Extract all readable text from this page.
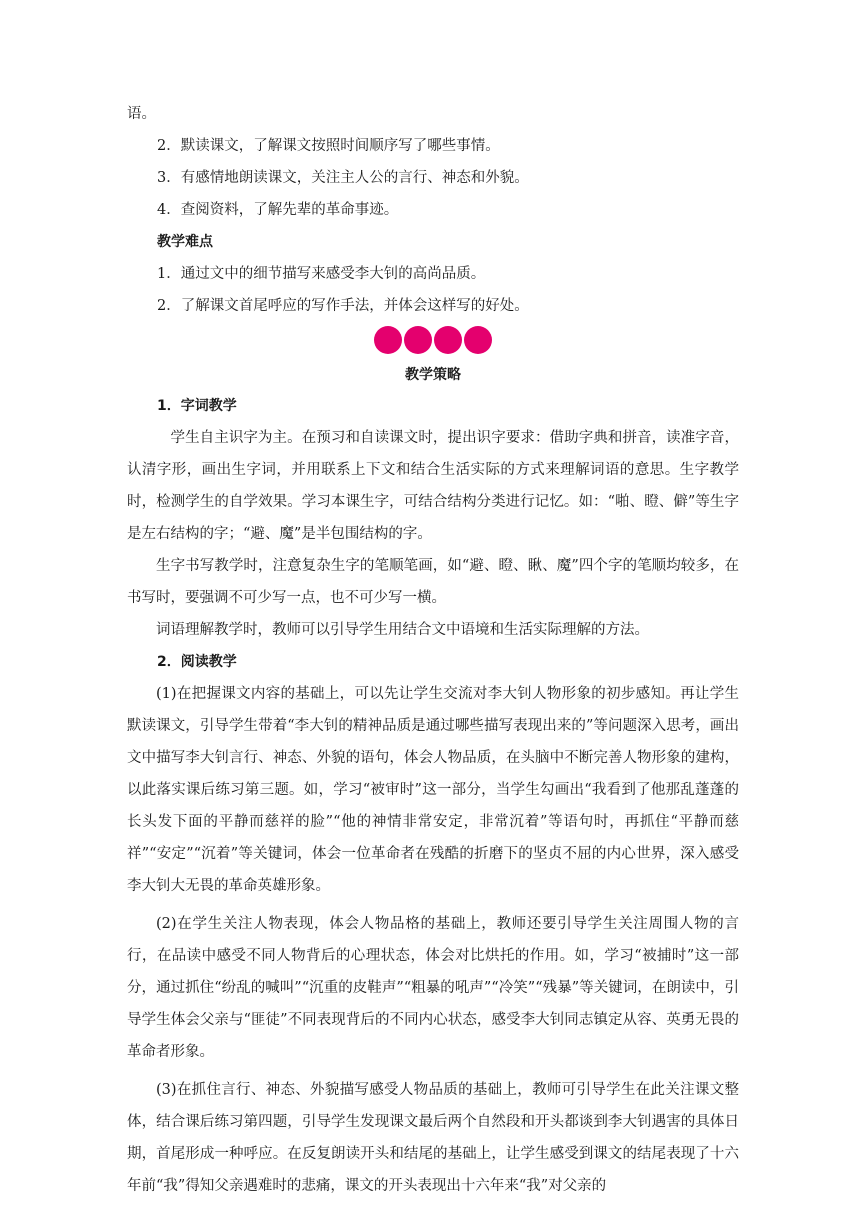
语。
2．默读课文，了解课文按照时间顺序写了哪些事情。
3．有感情地朗读课文，关注主人公的言行、神态和外貌。
4．查阅资料，了解先辈的革命事迹。
教学难点
1．通过文中的细节描写来感受李大钊的高尚品质。
2．了解课文首尾呼应的写作手法，并体会这样写的好处。
教学策略
1．字词教学
学生自主识字为主。在预习和自读课文时，提出识字要求：借助字典和拼音，读准字音，认清字形，画出生字词，并用联系上下文和结合生活实际的方式来理解词语的意思。生字教学时，检测学生的自学效果。学习本课生字，可结合结构分类进行记忆。如：“啪、瞪、僻”等生字是左右结构的字；“避、魔”是半包围结构的字。
生字书写教学时，注意复杂生字的笔顺笔画，如“避、瞪、瞅、魔”四个字的笔顺均较多，在书写时，要强调不可少写一点，也不可少写一横。
词语理解教学时，教师可以引导学生用结合文中语境和生活实际理解的方法。
2．阅读教学
(1)在把握课文内容的基础上，可以先让学生交流对李大钊人物形象的初步感知。再让学生默读课文，引导学生带着“李大钊的精神品质是通过哪些描写表现出来的”等问题深入思考，画出文中描写李大钊言行、神态、外貌的语句，体会人物品质，在头脑中不断完善人物形象的建构，以此落实课后练习第三题。如，学习“被审时”这一部分，当学生勾画出“我看到了他那乱蓬蓬的长头发下面的平静而慈祥的脸”“他的神情非常安定，非常沉着”等语句时，再抓住“平静而慈祥”“安定”“沉着”等关键词，体会一位革命者在残酷的折磨下的坚贞不屈的内心世界，深入感受李大钊大无畏的革命英雄形象。
(2)在学生关注人物表现，体会人物品格的基础上，教师还要引导学生关注周围人物的言行，在品读中感受不同人物背后的心理状态，体会对比烘托的作用。如，学习“被捕时”这一部分，通过抓住“纷乱的喊叫”“沉重的皮鞋声”“粗暴的吼声”“冷笑”“残暴”等关键词，在朗读中，引导学生体会父亲与“匪徒”不同表现背后的不同内心状态，感受李大钊同志镇定从容、英勇无畏的革命者形象。
(3)在抓住言行、神态、外貌描写感受人物品质的基础上，教师可引导学生在此关注课文整体，结合课后练习第四题，引导学生发现课文最后两个自然段和开头都谈到李大钊遇害的具体日期，首尾形成一种呼应。在反复朗读开头和结尾的基础上，让学生感受到课文的结尾表现了十六年前“我”得知父亲遇难时的悲痛，课文的开头表现出十六年来“我”对父亲的
